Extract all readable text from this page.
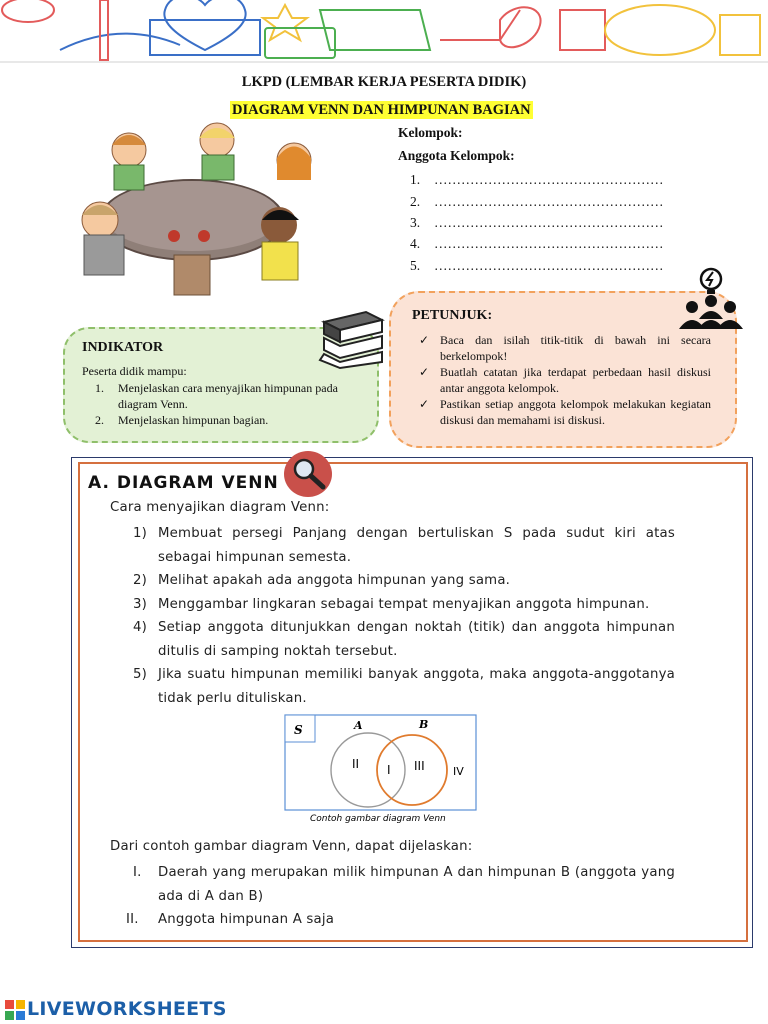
LKPD (LEMBAR KERJA PESERTA DIDIK)
DIAGRAM VENN DAN HIMPUNAN BAGIAN
Kelompok:
Anggota Kelompok:
1. ……………………………………………
2. ……………………………………………
3. ……………………………………………
4. ……………………………………………
5. ……………………………………………
INDIKATOR
Peserta didik mampu:
1. Menjelaskan cara menyajikan himpunan pada diagram Venn.
2. Menjelaskan himpunan bagian.
PETUNJUK:
✓ Baca dan isilah titik-titik di bawah ini secara berkelompok!
✓ Buatlah catatan jika terdapat perbedaan hasil diskusi antar anggota kelompok.
✓ Pastikan setiap anggota kelompok melakukan kegiatan diskusi dan memahami isi diskusi.
A. DIAGRAM VENN
Cara menyajikan diagram Venn:
1) Membuat persegi Panjang dengan bertuliskan S pada sudut kiri atas sebagai himpunan semesta.
2) Melihat apakah ada anggota himpunan yang sama.
3) Menggambar lingkaran sebagai tempat menyajikan anggota himpunan.
4) Setiap anggota ditunjukkan dengan noktah (titik) dan anggota himpunan ditulis di samping noktah tersebut.
5) Jika suatu himpunan memiliki banyak anggota, maka anggota-anggotanya tidak perlu dituliskan.
S	A	B
II I III	IV
Contoh gambar diagram Venn
Dari contoh gambar diagram Venn, dapat dijelaskan:
I. Daerah yang merupakan milik himpunan A dan himpunan B (anggota yang ada di A dan B)
II. Anggota himpunan A saja
LIVEWORKSHEETS
